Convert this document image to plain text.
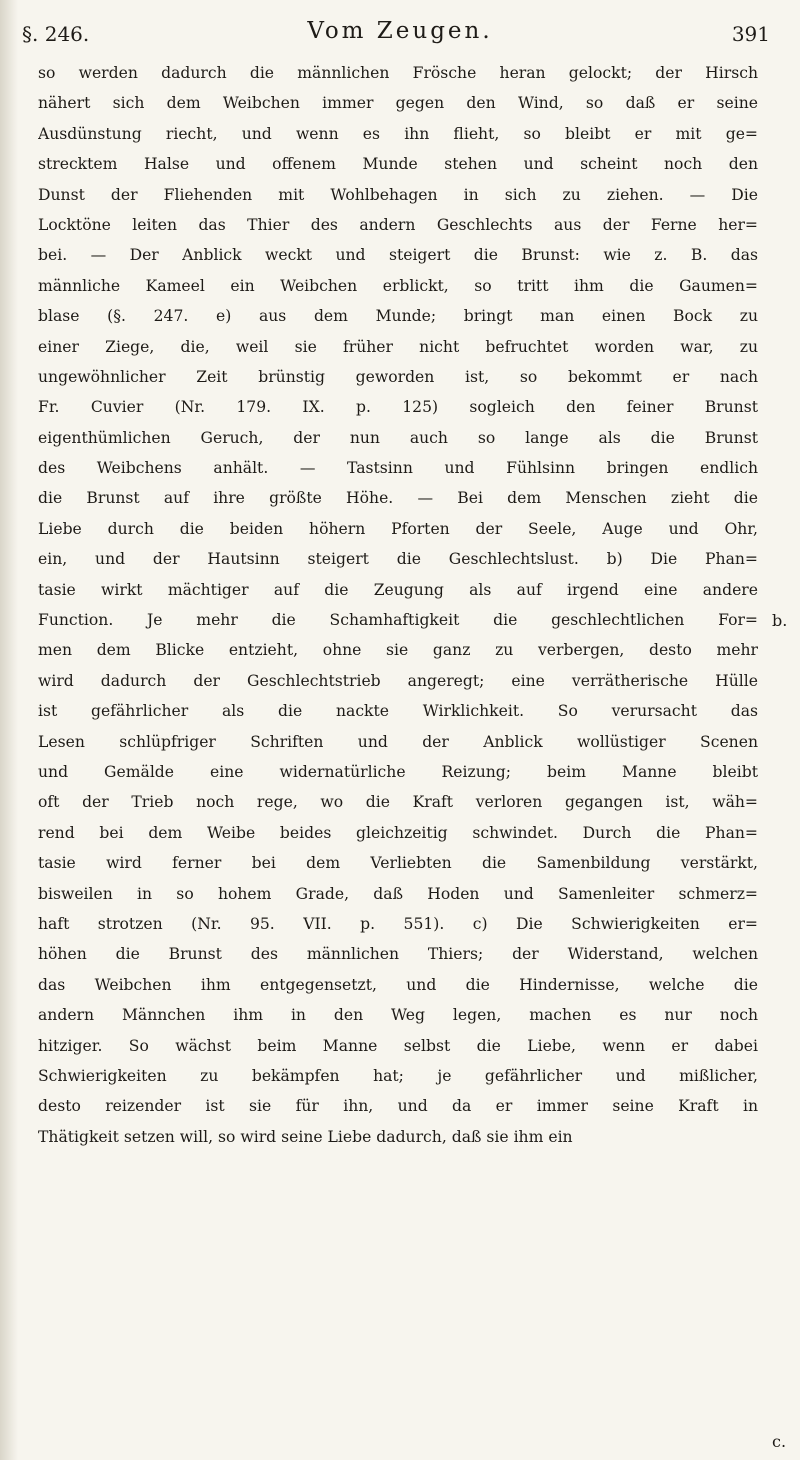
§. 246.	Vom Zeugen.	391
so werden dadurch die männlichen Frösche heran gelockt; der Hirsch
nähert sich dem Weibchen immer gegen den Wind, so daß er seine
Ausdünstung riecht, und wenn es ihn flieht, so bleibt er mit ge=
strecktem Halse und offenem Munde stehen und scheint noch den
Dunst der Fliehenden mit Wohlbehagen in sich zu ziehen. — Die
Locktöne leiten das Thier des andern Geschlechts aus der Ferne her=
bei. — Der Anblick weckt und steigert die Brunst: wie z. B. das
männliche Kameel ein Weibchen erblickt, so tritt ihm die Gaumen=
blase (§. 247. e) aus dem Munde; bringt man einen Bock zu
einer Ziege, die, weil sie früher nicht befruchtet worden war, zu
ungewöhnlicher Zeit brünstig geworden ist, so bekommt er nach
Fr. Cuvier (Nr. 179. IX. p. 125) sogleich den feiner Brunst
eigenthümlichen Geruch, der nun auch so lange als die Brunst
des Weibchens anhält. — Tastsinn und Fühlsinn bringen endlich
die Brunst auf ihre größte Höhe. — Bei dem Menschen zieht die
Liebe durch die beiden höhern Pforten der Seele, Auge und Ohr,
ein, und der Hautsinn steigert die Geschlechtslust. b) Die Phan=
tasie wirkt mächtiger auf die Zeugung als auf irgend eine andere
Function. Je mehr die Schamhaftigkeit die geschlechtlichen For=
men dem Blicke entzieht, ohne sie ganz zu verbergen, desto mehr
wird dadurch der Geschlechtstrieb angeregt; eine verrätherische Hülle
ist gefährlicher als die nackte Wirklichkeit. So verursacht das
Lesen schlüpfriger Schriften und der Anblick wollüstiger Scenen
und Gemälde eine widernatürliche Reizung; beim Manne bleibt
oft der Trieb noch rege, wo die Kraft verloren gegangen ist, wäh=
rend bei dem Weibe beides gleichzeitig schwindet. Durch die Phan=
tasie wird ferner bei dem Verliebten die Samenbildung verstärkt,
bisweilen in so hohem Grade, daß Hoden und Samenleiter schmerz=
haft strotzen (Nr. 95. VII. p. 551). c) Die Schwierigkeiten er=
höhen die Brunst des männlichen Thiers; der Widerstand, welchen
das Weibchen ihm entgegensetzt, und die Hindernisse, welche die
andern Männchen ihm in den Weg legen, machen es nur noch
hitziger. So wächst beim Manne selbst die Liebe, wenn er dabei
Schwierigkeiten zu bekämpfen hat; je gefährlicher und mißlicher,
desto reizender ist sie für ihn, und da er immer seine Kraft in
Thätigkeit setzen will, so wird seine Liebe dadurch, daß sie ihm ein
b.
c.
